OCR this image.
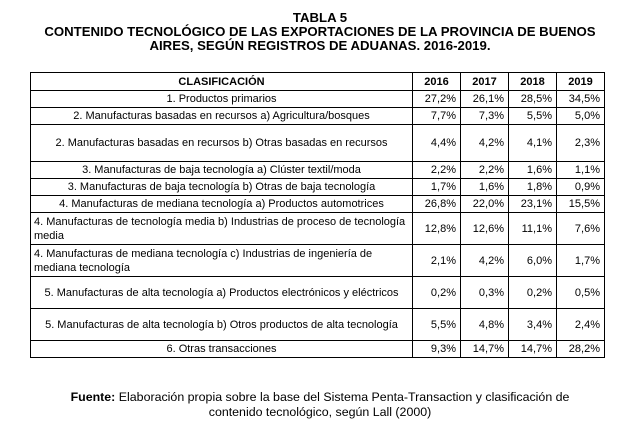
TABLA 5
CONTENIDO TECNOLÓGICO DE LAS EXPORTACIONES DE LA PROVINCIA DE BUENOS
AIRES, SEGÚN REGISTROS DE ADUANAS. 2016-2019.
CLASIFICACIÓN	2016	2017	2018	2019
1. Productos primarios	27,2%	26,1%	28,5%	34,5%
2. Manufacturas basadas en recursos a) Agricultura/bosques	7,7%	7,3%	5,5%	5,0%
2. Manufacturas basadas en recursos b) Otras basadas en recursos	4,4%	4,2%	4,1%	2,3%
3. Manufacturas de baja tecnología a) Clúster textil/moda	2,2%	2,2%	1,6%	1,1%
3. Manufacturas de baja tecnología b) Otras de baja tecnología	1,7%	1,6%	1,8%	0,9%
4. Manufacturas de mediana tecnología a) Productos automotrices	26,8%	22,0%	23,1%	15,5%
4. Manufacturas de tecnología media b) Industrias de proceso de tecnología media	12,8%	12,6%	11,1%	7,6%
4. Manufacturas de mediana tecnología c) Industrias de ingeniería de mediana tecnología	2,1%	4,2%	6,0%	1,7%
5. Manufacturas de alta tecnología a) Productos electrónicos y eléctricos	0,2%	0,3%	0,2%	0,5%
5. Manufacturas de alta tecnología b) Otros productos de alta tecnología	5,5%	4,8%	3,4%	2,4%
6. Otras transacciones	9,3%	14,7%	14,7%	28,2%
Fuente: Elaboración propia sobre la base del Sistema Penta-Transaction y clasificación de
contenido tecnológico, según Lall (2000)
